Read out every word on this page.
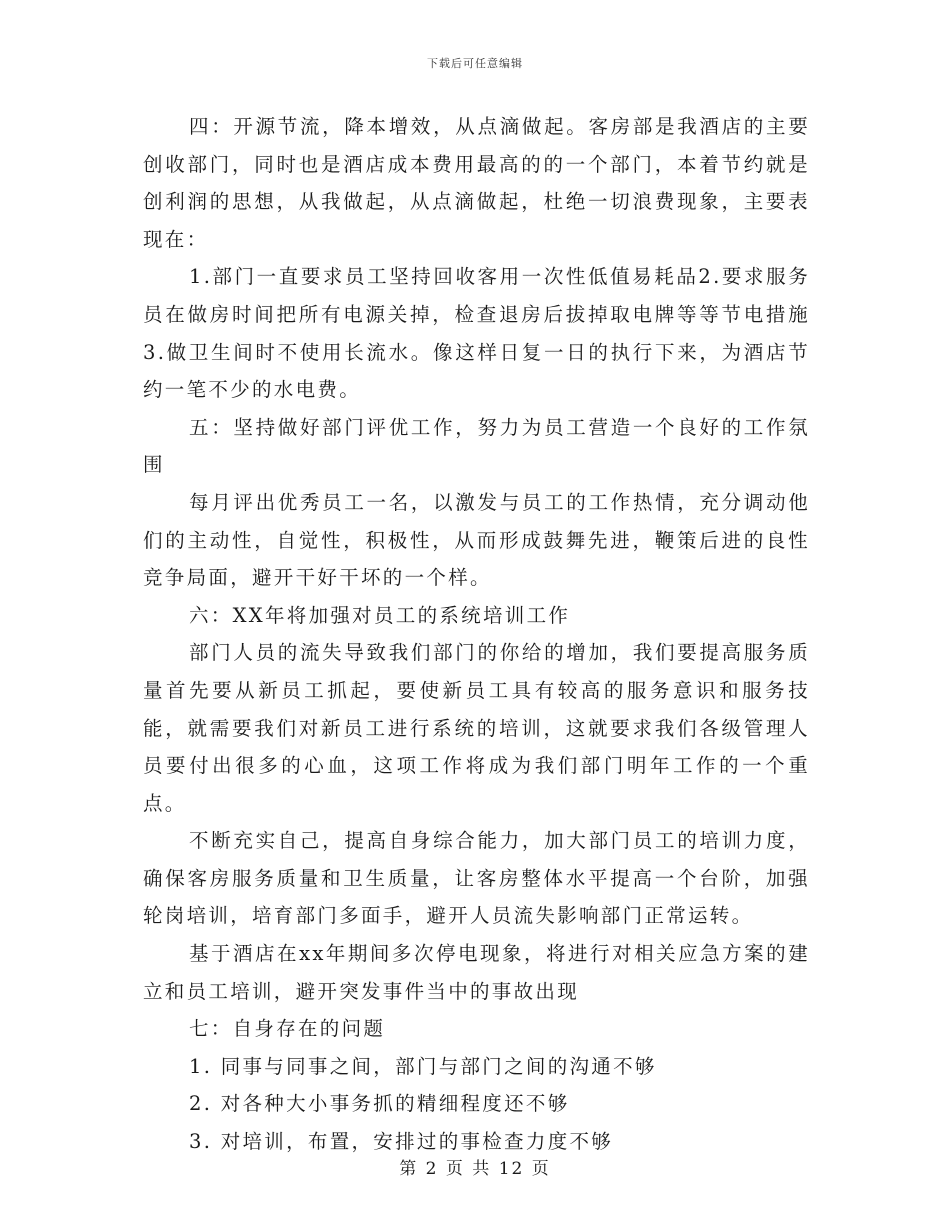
下载后可任意编辑

四：开源节流，降本增效，从点滴做起。客房部是我酒店的主要创收部门，同时也是酒店成本费用最高的的一个部门，本着节约就是创利润的思想，从我做起，从点滴做起，杜绝一切浪费现象，主要表现在：

1.部门一直要求员工坚持回收客用一次性低值易耗品2.要求服务员在做房时间把所有电源关掉，检查退房后拔掉取电牌等等节电措施3.做卫生间时不使用长流水。像这样日复一日的执行下来，为酒店节约一笔不少的水电费。

五：坚持做好部门评优工作，努力为员工营造一个良好的工作氛围

每月评出优秀员工一名，以激发与员工的工作热情，充分调动他们的主动性，自觉性，积极性，从而形成鼓舞先进，鞭策后进的良性竞争局面，避开干好干坏的一个样。

六：XX年将加强对员工的系统培训工作

部门人员的流失导致我们部门的你给的增加，我们要提高服务质量首先要从新员工抓起，要使新员工具有较高的服务意识和服务技能，就需要我们对新员工进行系统的培训，这就要求我们各级管理人员要付出很多的心血，这项工作将成为我们部门明年工作的一个重点。

不断充实自己，提高自身综合能力，加大部门员工的培训力度，确保客房服务质量和卫生质量，让客房整体水平提高一个台阶，加强轮岗培训，培育部门多面手，避开人员流失影响部门正常运转。

基于酒店在xx年期间多次停电现象，将进行对相关应急方案的建立和员工培训，避开突发事件当中的事故出现

七：自身存在的问题

1. 同事与同事之间，部门与部门之间的沟通不够

2. 对各种大小事务抓的精细程度还不够

3. 对培训，布置，安排过的事检查力度不够

第 2 页 共 12 页
